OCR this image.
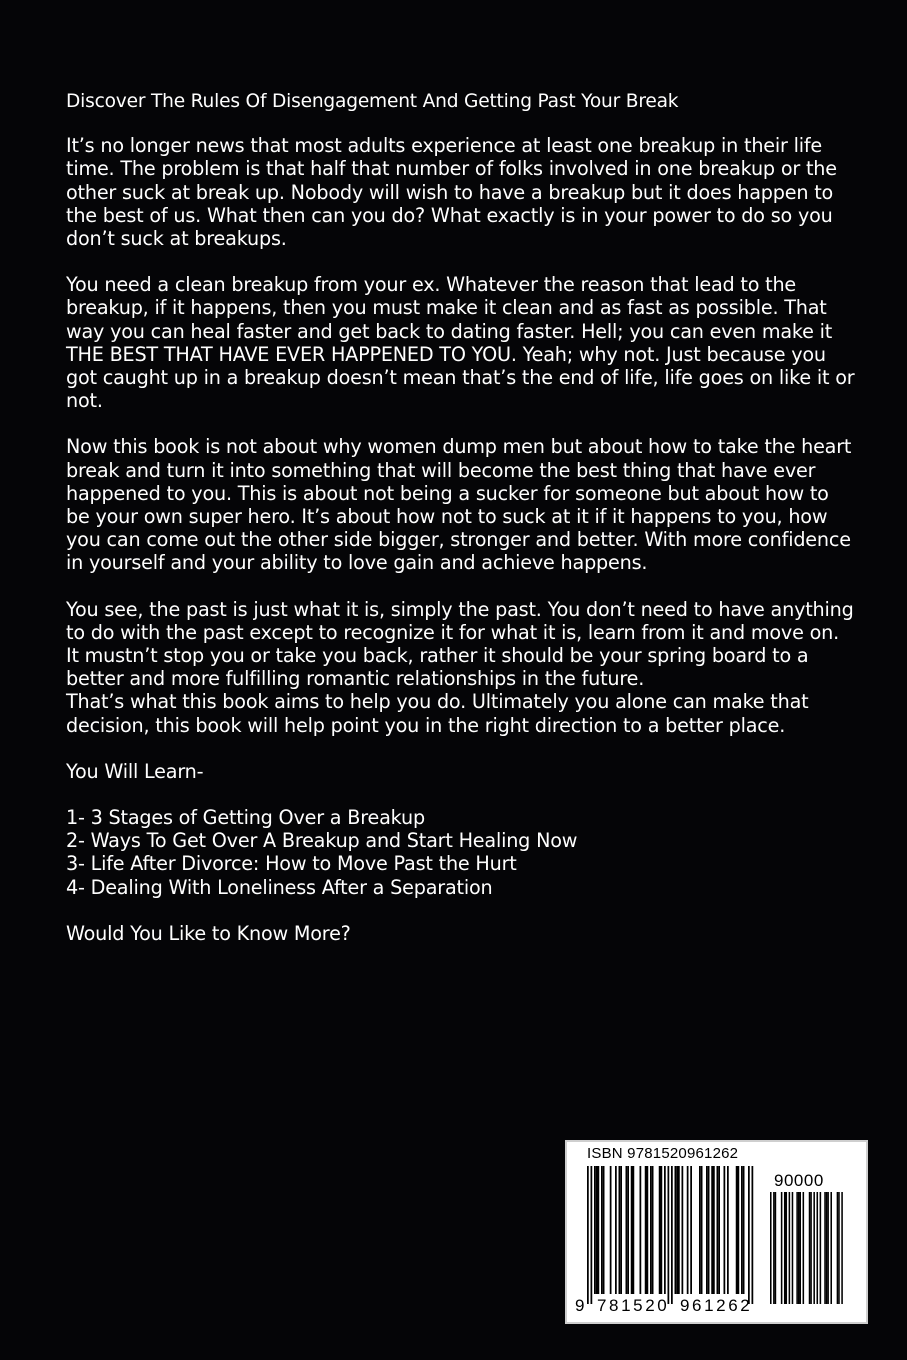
Discover The Rules Of Disengagement And Getting Past Your Break

It’s no longer news that most adults experience at least one breakup in their life time. The problem is that half that number of folks involved in one breakup or the other suck at break up. Nobody will wish to have a breakup but it does happen to the best of us. What then can you do? What exactly is in your power to do so you don’t suck at breakups.

You need a clean breakup from your ex. Whatever the reason that lead to the breakup, if it happens, then you must make it clean and as fast as possible. That way you can heal faster and get back to dating faster. Hell; you can even make it THE BEST THAT HAVE EVER HAPPENED TO YOU. Yeah; why not. Just because you got caught up in a breakup doesn’t mean that’s the end of life, life goes on like it or not.

Now this book is not about why women dump men but about how to take the heart break and turn it into something that will become the best thing that have ever happened to you. This is about not being a sucker for someone but about how to be your own super hero. It’s about how not to suck at it if it happens to you, how you can come out the other side bigger, stronger and better. With more confidence in yourself and your ability to love gain and achieve happens.

You see, the past is just what it is, simply the past. You don’t need to have anything to do with the past except to recognize it for what it is, learn from it and move on. It mustn’t stop you or take you back, rather it should be your spring board to a better and more fulfilling romantic relationships in the future.

That’s what this book aims to help you do. Ultimately you alone can make that decision, this book will help point you in the right direction to a better place.

You Will Learn-

1- 3 Stages of Getting Over a Breakup

2- Ways To Get Over A Breakup and Start Healing Now

3- Life After Divorce: How to Move Past the Hurt

4- Dealing With Loneliness After a Separation

Would You Like to Know More?

ISBN 9781520961262
90000
9 781520 961262
